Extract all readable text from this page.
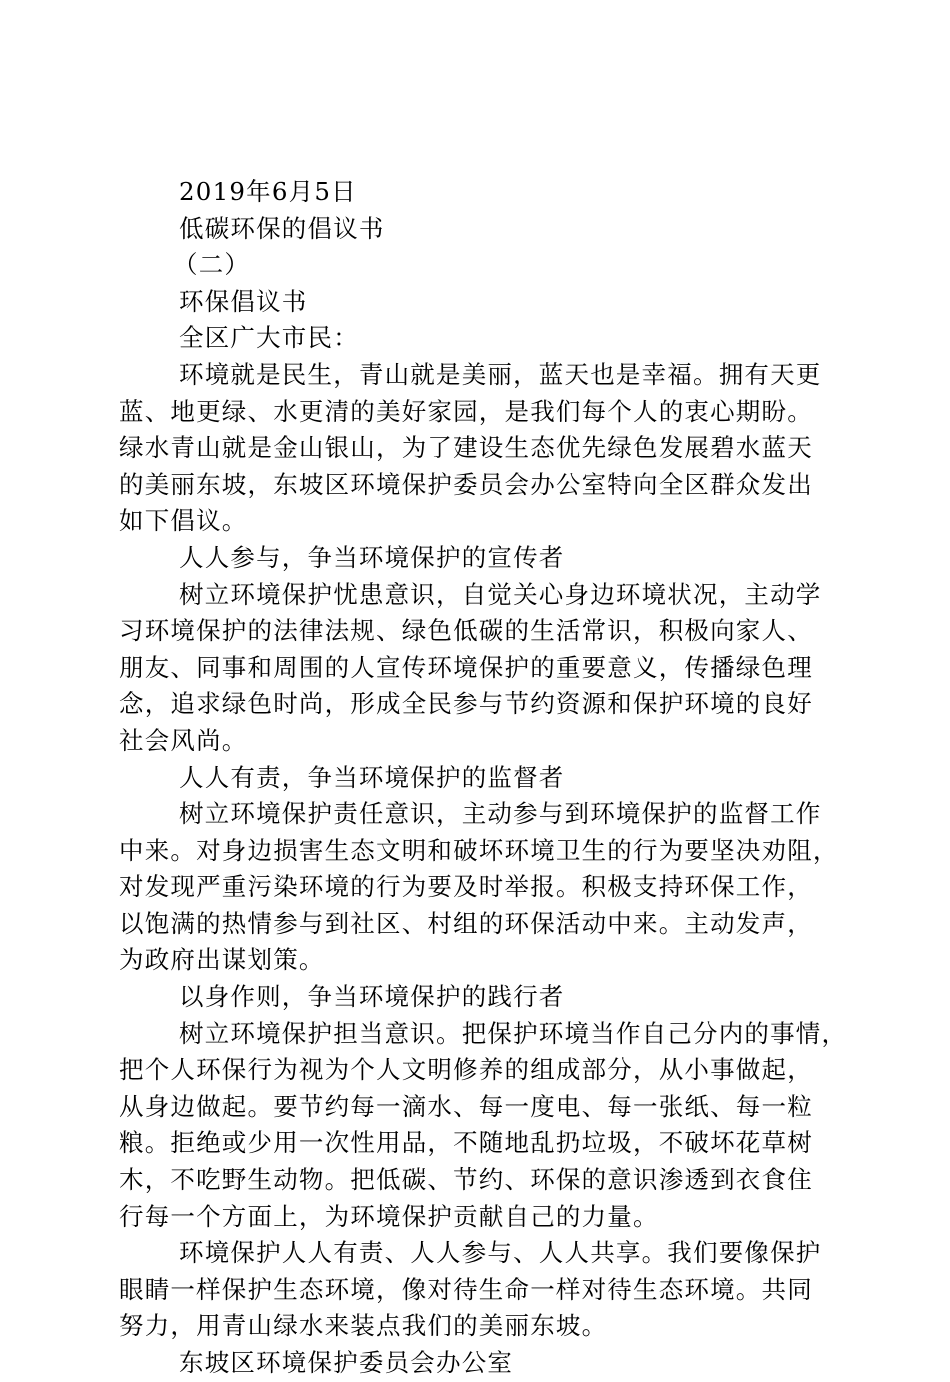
2019年6月5日
低碳环保的倡议书
（二）
环保倡议书
全区广大市民：
环境就是民生，青山就是美丽，蓝天也是幸福。拥有天更
蓝、地更绿、水更清的美好家园，是我们每个人的衷心期盼。
绿水青山就是金山银山，为了建设生态优先绿色发展碧水蓝天
的美丽东坡，东坡区环境保护委员会办公室特向全区群众发出
如下倡议。
人人参与，争当环境保护的宣传者
树立环境保护忧患意识，自觉关心身边环境状况，主动学
习环境保护的法律法规、绿色低碳的生活常识，积极向家人、
朋友、同事和周围的人宣传环境保护的重要意义，传播绿色理
念，追求绿色时尚，形成全民参与节约资源和保护环境的良好
社会风尚。
人人有责，争当环境保护的监督者
树立环境保护责任意识，主动参与到环境保护的监督工作
中来。对身边损害生态文明和破坏环境卫生的行为要坚决劝阻，
对发现严重污染环境的行为要及时举报。积极支持环保工作，
以饱满的热情参与到社区、村组的环保活动中来。主动发声，
为政府出谋划策。
以身作则，争当环境保护的践行者
树立环境保护担当意识。把保护环境当作自己分内的事情，
把个人环保行为视为个人文明修养的组成部分，从小事做起，
从身边做起。要节约每一滴水、每一度电、每一张纸、每一粒
粮。拒绝或少用一次性用品，不随地乱扔垃圾，不破坏花草树
木，不吃野生动物。把低碳、节约、环保的意识渗透到衣食住
行每一个方面上，为环境保护贡献自己的力量。
环境保护人人有责、人人参与、人人共享。我们要像保护
眼睛一样保护生态环境，像对待生命一样对待生态环境。共同
努力，用青山绿水来装点我们的美丽东坡。
东坡区环境保护委员会办公室
